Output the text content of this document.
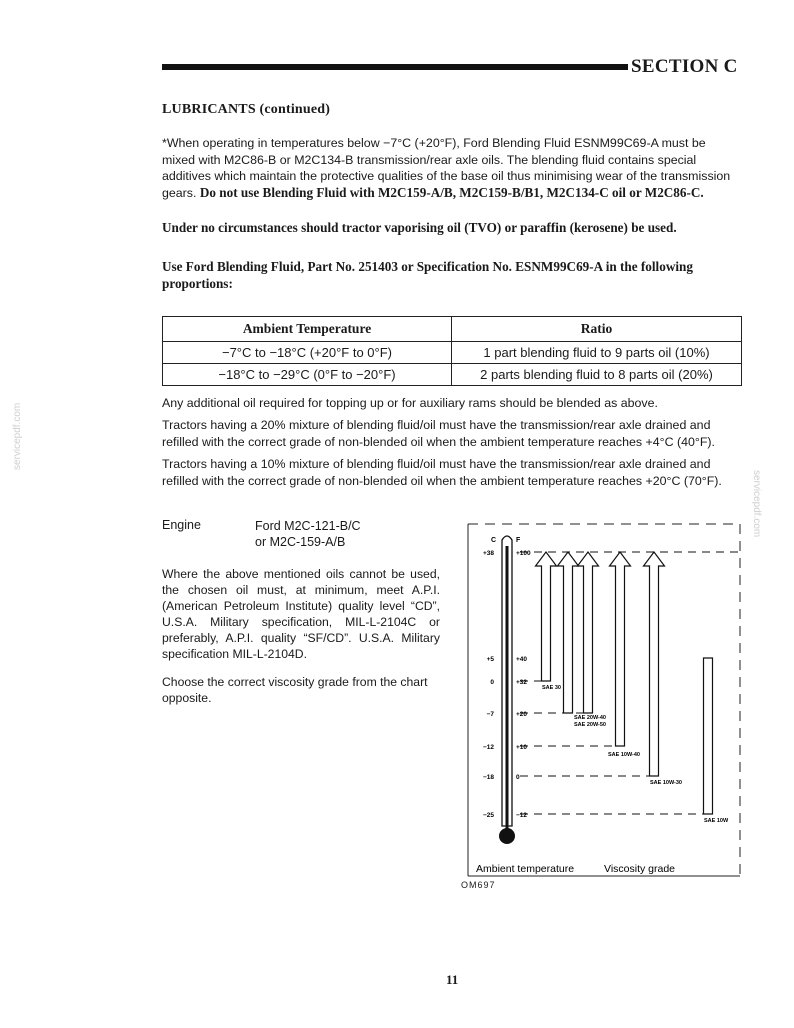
SECTION C
LUBRICANTS (continued)
*When operating in temperatures below −7°C (+20°F), Ford Blending Fluid ESNM99C69-A must be mixed with M2C86-B or M2C134-B transmission/rear axle oils. The blending fluid contains special additives which maintain the protective qualities of the base oil thus minimising wear of the transmission gears. Do not use Blending Fluid with M2C159-A/B, M2C159-B/B1, M2C134-C oil or M2C86-C.
Under no circumstances should tractor vaporising oil (TVO) or paraffin (kerosene) be used.
Use Ford Blending Fluid, Part No. 251403 or Specification No. ESNM99C69-A in the following proportions:
Ambient Temperature	Ratio
−7°C to −18°C (+20°F to 0°F)	1 part blending fluid to 9 parts oil (10%)
−18°C to −29°C (0°F to −20°F)	2 parts blending fluid to 8 parts oil (20%)
Any additional oil required for topping up or for auxiliary rams should be blended as above.
Tractors having a 20% mixture of blending fluid/oil must have the transmission/rear axle drained and refilled with the correct grade of non-blended oil when the ambient temperature reaches +4°C (40°F).
Tractors having a 10% mixture of blending fluid/oil must have the transmission/rear axle drained and refilled with the correct grade of non-blended oil when the ambient temperature reaches +20°C (70°F).
Engine	Ford M2C-121-B/C
or M2C-159-A/B
Where the above mentioned oils cannot be used, the chosen oil must, at minimum, meet A.P.I. (American Petroleum Institute) quality level “CD”, U.S.A. Military specification, MIL-L-2104C or preferably, A.P.I. quality “SF/CD”. U.S.A. Military specification MIL-L-2104D.
Choose the correct viscosity grade from the chart opposite.
C	F
+38	+100
+5	+40
0	+32
−7	+20
−12	+10
−18	0
−25	−12
SAE 30
SAE 20W-40
SAE 20W-50
SAE 10W-40
SAE 10W-30
SAE 10W
Ambient temperature	Viscosity grade
OM697
11
servicepdf.com
servicepdf.com
